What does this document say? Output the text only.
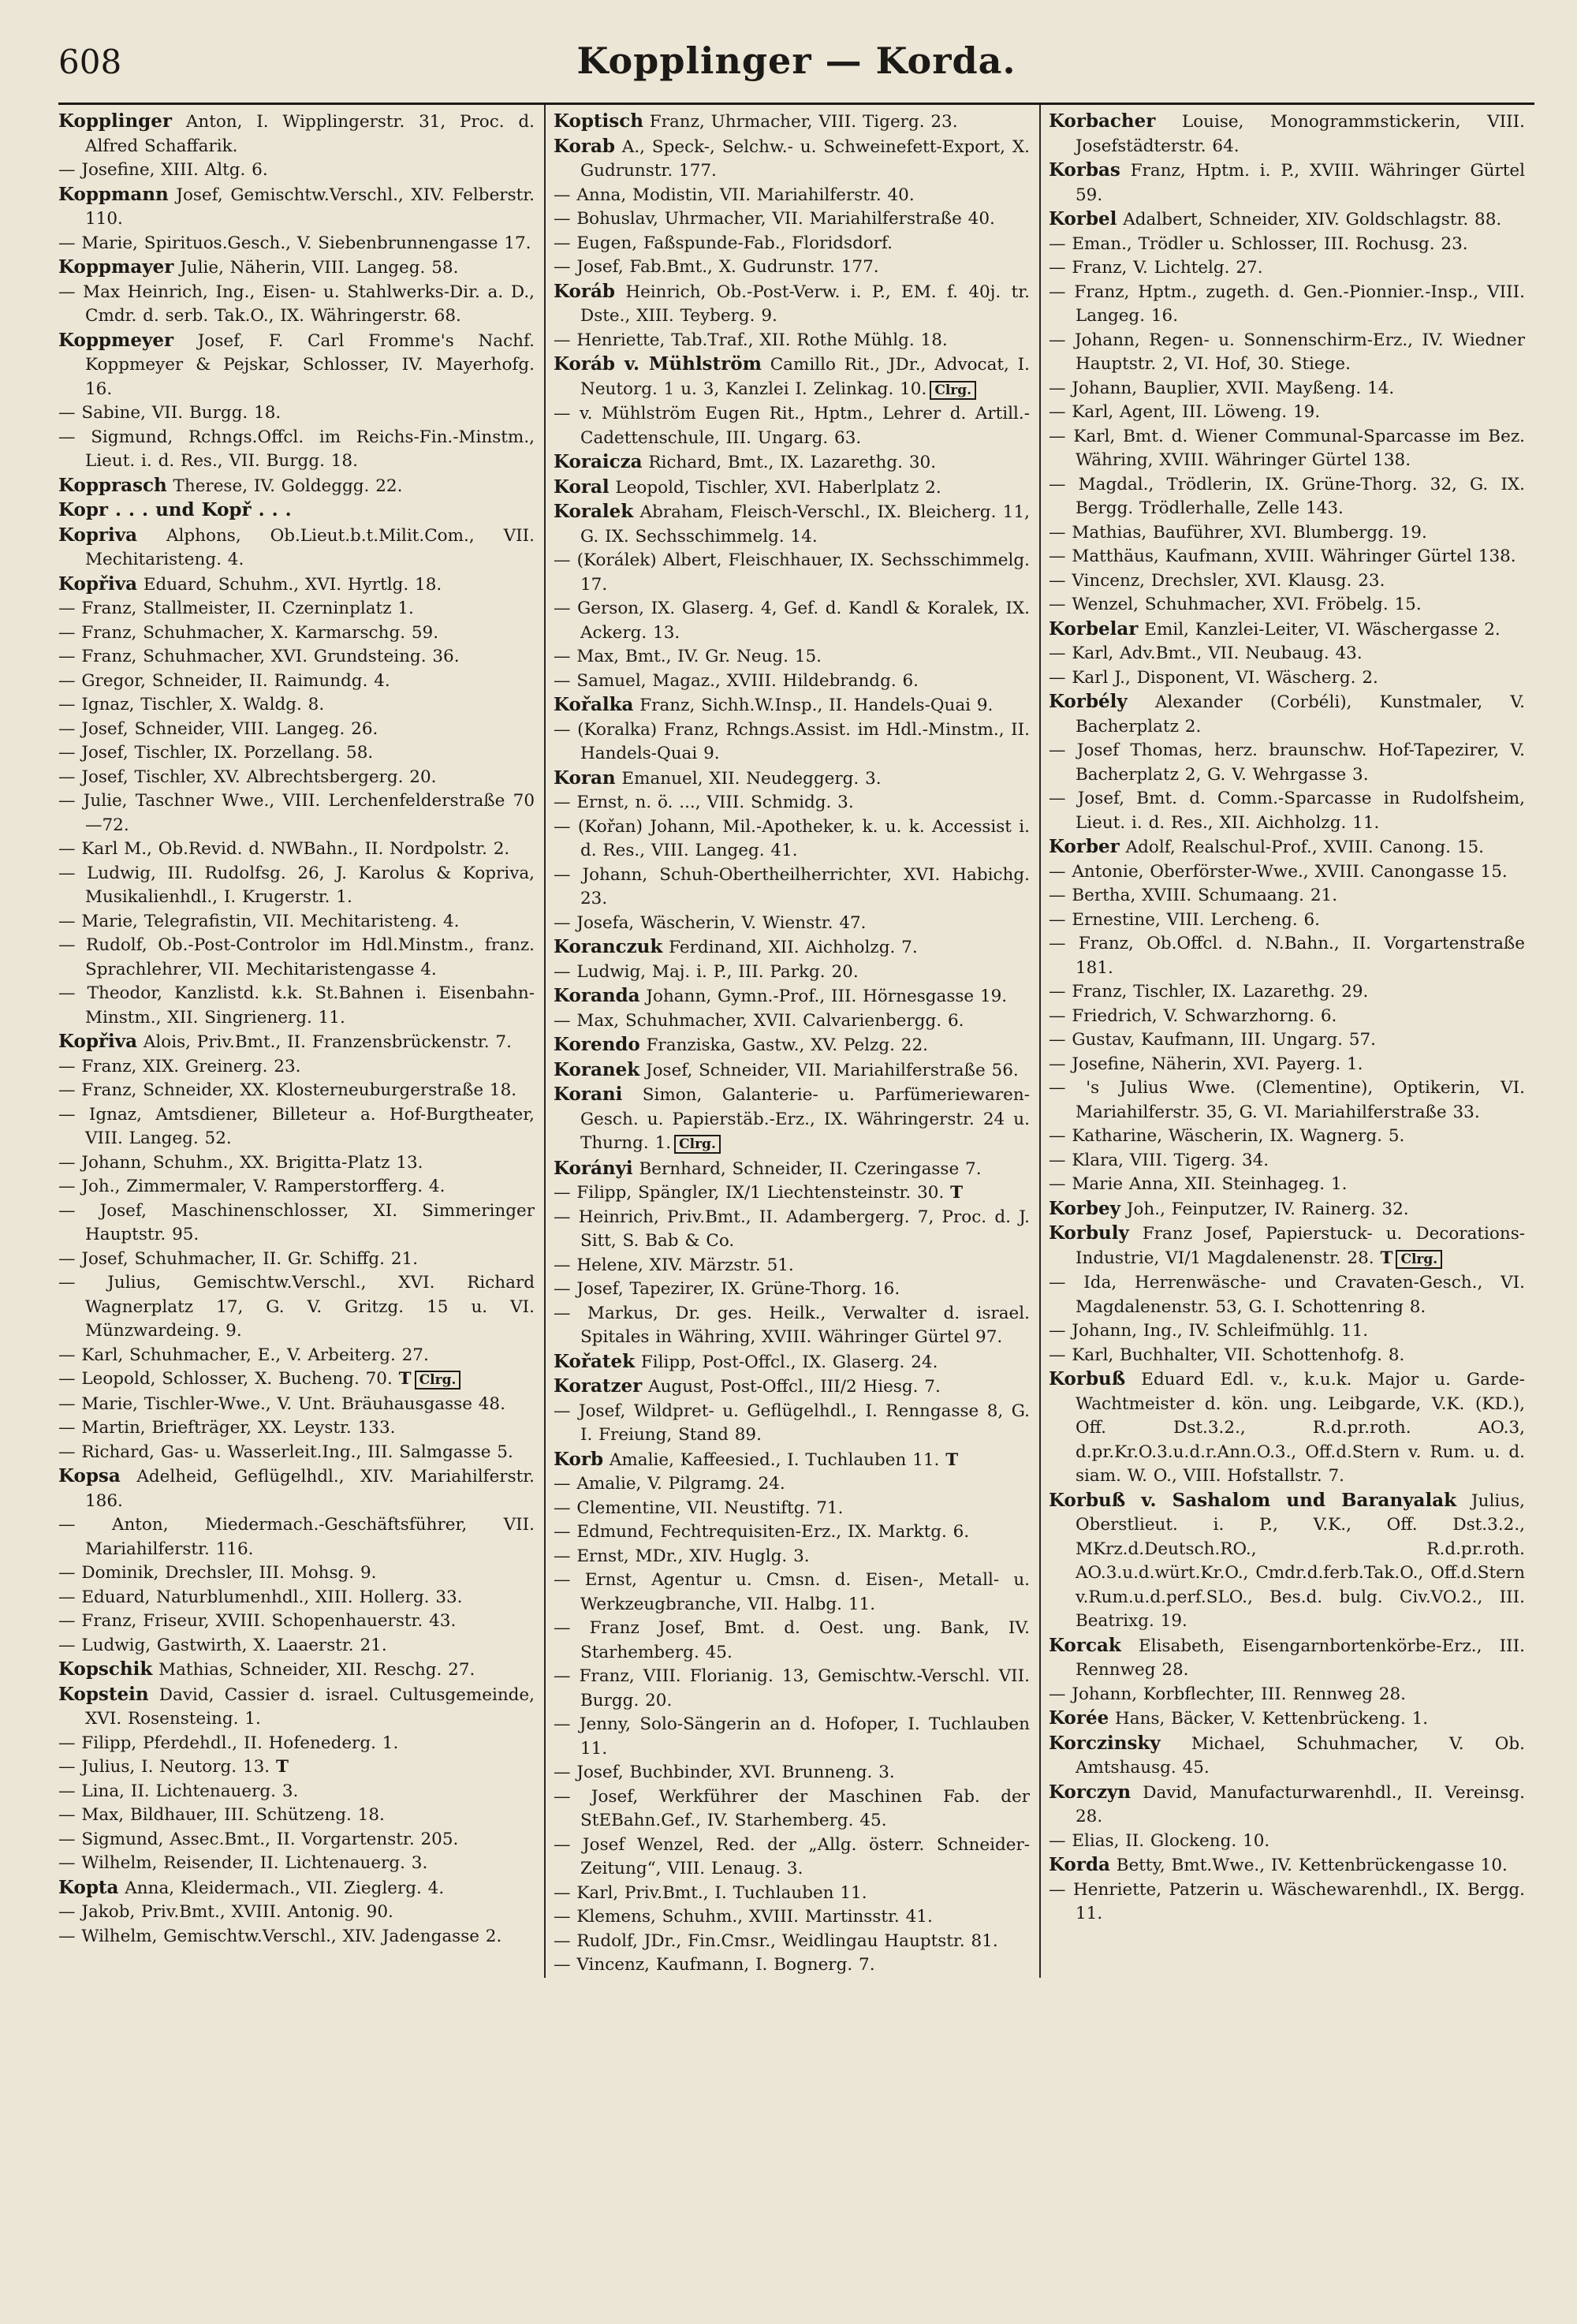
608	Kopplinger — Korda.
Kopplinger Anton, I. Wipplingerstr. 31, Proc. d. Alfred Schaffarik.
— Josefine, XIII. Altg. 6.
Koppmann Josef, Gemischtw.Verschl., XIV. Felberstr. 110.
— Marie, Spirituos.Gesch., V. Siebenbrunnengasse 17.
Koppmayer Julie, Näherin, VIII. Langeg. 58.
— Max Heinrich, Ing., Eisen- u. Stahlwerks-Dir. a. D., Cmdr. d. serb. Tak.O., IX. Währingerstr. 68.
Koppmeyer Josef, F. Carl Fromme's Nachf. Koppmeyer & Pejskar, Schlosser, IV. Mayerhofg. 16.
— Sabine, VII. Burgg. 18.
— Sigmund, Rchngs.Offcl. im Reichs-Fin.-Minstm., Lieut. i. d. Res., VII. Burgg. 18.
Kopprasch Therese, IV. Goldeggg. 22.
Kopr . . . und Kopř . . .
Kopriva Alphons, Ob.Lieut.b.t.Milit.Com., VII. Mechitaristeng. 4.
Kopřiva Eduard, Schuhm., XVI. Hyrtlg. 18.
— Franz, Stallmeister, II. Czerninplatz 1.
— Franz, Schuhmacher, X. Karmarschg. 59.
— Franz, Schuhmacher, XVI. Grundsteing. 36.
— Gregor, Schneider, II. Raimundg. 4.
— Ignaz, Tischler, X. Waldg. 8.
— Josef, Schneider, VIII. Langeg. 26.
— Josef, Tischler, IX. Porzellang. 58.
— Josef, Tischler, XV. Albrechtsbergerg. 20.
— Julie, Taschner Wwe., VIII. Lerchenfelderstraße 70—72.
— Karl M., Ob.Revid. d. NWBahn., II. Nordpolstr. 2.
— Ludwig, III. Rudolfsg. 26, J. Karolus & Kopriva, Musikalienhdl., I. Krugerstr. 1.
— Marie, Telegrafistin, VII. Mechitaristeng. 4.
— Rudolf, Ob.-Post-Controlor im Hdl.Minstm., franz. Sprachlehrer, VII. Mechitaristengasse 4.
— Theodor, Kanzlistd. k.k. St.Bahnen i. Eisenbahn-Minstm., XII. Singrienerg. 11.
Kopřiva Alois, Priv.Bmt., II. Franzensbrückenstr. 7.
— Franz, XIX. Greinerg. 23.
— Franz, Schneider, XX. Klosterneuburgerstraße 18.
— Ignaz, Amtsdiener, Billeteur a. Hof-Burgtheater, VIII. Langeg. 52.
— Johann, Schuhm., XX. Brigitta-Platz 13.
— Joh., Zimmermaler, V. Ramperstorfferg. 4.
— Josef, Maschinenschlosser, XI. Simmeringer Hauptstr. 95.
— Josef, Schuhmacher, II. Gr. Schiffg. 21.
— Julius, Gemischtw.Verschl., XVI. Richard Wagnerplatz 17, G. V. Gritzg. 15 u. VI. Münzwardeing. 9.
— Karl, Schuhmacher, E., V. Arbeiterg. 27.
— Leopold, Schlosser, X. Bucheng. 70. T Clrg.
— Marie, Tischler-Wwe., V. Unt. Bräuhausgasse 48.
— Martin, Briefträger, XX. Leystr. 133.
— Richard, Gas- u. Wasserleit.Ing., III. Salmgasse 5.
Kopsa Adelheid, Geflügelhdl., XIV. Mariahilferstr. 186.
— Anton, Miedermach.-Geschäftsführer, VII. Mariahilferstr. 116.
— Dominik, Drechsler, III. Mohsg. 9.
— Eduard, Naturblumenhdl., XIII. Hollerg. 33.
— Franz, Friseur, XVIII. Schopenhauerstr. 43.
— Ludwig, Gastwirth, X. Laaerstr. 21.
Kopschik Mathias, Schneider, XII. Reschg. 27.
Kopstein David, Cassier d. israel. Cultusgemeinde, XVI. Rosensteing. 1.
— Filipp, Pferdehdl., II. Hofenederg. 1.
— Julius, I. Neutorg. 13. T
— Lina, II. Lichtenauerg. 3.
— Max, Bildhauer, III. Schützeng. 18.
— Sigmund, Assec.Bmt., II. Vorgartenstr. 205.
— Wilhelm, Reisender, II. Lichtenauerg. 3.
Kopta Anna, Kleidermach., VII. Zieglerg. 4.
— Jakob, Priv.Bmt., XVIII. Antonig. 90.
— Wilhelm, Gemischtw.Verschl., XIV. Jadengasse 2.
Koptisch Franz, Uhrmacher, VIII. Tigerg. 23.
Korab A., Speck-, Selchw.- u. Schweinefett-Export, X. Gudrunstr. 177.
— Anna, Modistin, VII. Mariahilferstr. 40.
— Bohuslav, Uhrmacher, VII. Mariahilferstraße 40.
— Eugen, Faßspunde-Fab., Floridsdorf.
— Josef, Fab.Bmt., X. Gudrunstr. 177.
Koráb Heinrich, Ob.-Post-Verw. i. P., EM. f. 40j. tr. Dste., XIII. Teyberg. 9.
— Henriette, Tab.Traf., XII. Rothe Mühlg. 18.
Koráb v. Mühlström Camillo Rit., JDr., Advocat, I. Neutorg. 1 u. 3, Kanzlei I. Zelinkag. 10. Clrg.
— v. Mühlström Eugen Rit., Hptm., Lehrer d. Artill.-Cadettenschule, III. Ungarg. 63.
Koraicza Richard, Bmt., IX. Lazarethg. 30.
Koral Leopold, Tischler, XVI. Haberlplatz 2.
Koralek Abraham, Fleisch-Verschl., IX. Bleicherg. 11, G. IX. Sechsschimmelg. 14.
— (Korálek) Albert, Fleischhauer, IX. Sechsschimmelg. 17.
— Gerson, IX. Glaserg. 4, Gef. d. Kandl & Koralek, IX. Ackerg. 13.
— Max, Bmt., IV. Gr. Neug. 15.
— Samuel, Magaz., XVIII. Hildebrandg. 6.
Kořalka Franz, Sichh.W.Insp., II. Handels-Quai 9.
— (Koralka) Franz, Rchngs.Assist. im Hdl.-Minstm., II. Handels-Quai 9.
Koran Emanuel, XII. Neudeggerg. 3.
— Ernst, n. ö. ..., VIII. Schmidg. 3.
— (Kořan) Johann, Mil.-Apotheker, k. u. k. Accessist i. d. Res., VIII. Langeg. 41.
— Johann, Schuh-Obertheilherrichter, XVI. Habichg. 23.
— Josefa, Wäscherin, V. Wienstr. 47.
Koranczuk Ferdinand, XII. Aichholzg. 7.
— Ludwig, Maj. i. P., III. Parkg. 20.
Koranda Johann, Gymn.-Prof., III. Hörnesgasse 19.
— Max, Schuhmacher, XVII. Calvarienbergg. 6.
Korendo Franziska, Gastw., XV. Pelzg. 22.
Koranek Josef, Schneider, VII. Mariahilferstraße 56.
Korani Simon, Galanterie- u. Parfümeriewaren-Gesch. u. Papierstäb.-Erz., IX. Währingerstr. 24 u. Thurng. 1. Clrg.
Korányi Bernhard, Schneider, II. Czeringasse 7.
— Filipp, Spängler, IX/1 Liechtensteinstr. 30. T
— Heinrich, Priv.Bmt., II. Adambergerg. 7, Proc. d. J. Sitt, S. Bab & Co.
— Helene, XIV. Märzstr. 51.
— Josef, Tapezirer, IX. Grüne-Thorg. 16.
— Markus, Dr. ges. Heilk., Verwalter d. israel. Spitales in Währing, XVIII. Währinger Gürtel 97.
Kořatek Filipp, Post-Offcl., IX. Glaserg. 24.
Koratzer August, Post-Offcl., III/2 Hiesg. 7.
— Josef, Wildpret- u. Geflügelhdl., I. Renngasse 8, G. I. Freiung, Stand 89.
Korb Amalie, Kaffeesied., I. Tuchlauben 11. T
— Amalie, V. Pilgramg. 24.
— Clementine, VII. Neustiftg. 71.
— Edmund, Fechtrequisiten-Erz., IX. Marktg. 6.
— Ernst, MDr., XIV. Huglg. 3.
— Ernst, Agentur u. Cmsn. d. Eisen-, Metall- u. Werkzeugbranche, VII. Halbg. 11.
— Franz Josef, Bmt. d. Oest. ung. Bank, IV. Starhemberg. 45.
— Franz, VIII. Florianig. 13, Gemischtw.-Verschl. VII. Burgg. 20.
— Jenny, Solo-Sängerin an d. Hofoper, I. Tuchlauben 11.
— Josef, Buchbinder, XVI. Brunneng. 3.
— Josef, Werkführer der Maschinen Fab. der StEBahn.Gef., IV. Starhemberg. 45.
— Josef Wenzel, Red. der „Allg. österr. Schneider-Zeitung“, VIII. Lenaug. 3.
— Karl, Priv.Bmt., I. Tuchlauben 11.
— Klemens, Schuhm., XVIII. Martinsstr. 41.
— Rudolf, JDr., Fin.Cmsr., Weidlingau Hauptstr. 81.
— Vincenz, Kaufmann, I. Bognerg. 7.
Korbacher Louise, Monogrammstickerin, VIII. Josefstädterstr. 64.
Korbas Franz, Hptm. i. P., XVIII. Währinger Gürtel 59.
Korbel Adalbert, Schneider, XIV. Goldschlagstr. 88.
— Eman., Trödler u. Schlosser, III. Rochusg. 23.
— Franz, V. Lichtelg. 27.
— Franz, Hptm., zugeth. d. Gen.-Pionnier.-Insp., VIII. Langeg. 16.
— Johann, Regen- u. Sonnenschirm-Erz., IV. Wiedner Hauptstr. 2, VI. Hof, 30. Stiege.
— Johann, Bauplier, XVII. Mayßeng. 14.
— Karl, Agent, III. Löweng. 19.
— Karl, Bmt. d. Wiener Communal-Sparcasse im Bez. Währing, XVIII. Währinger Gürtel 138.
— Magdal., Trödlerin, IX. Grüne-Thorg. 32, G. IX. Bergg. Trödlerhalle, Zelle 143.
— Mathias, Bauführer, XVI. Blumbergg. 19.
— Matthäus, Kaufmann, XVIII. Währinger Gürtel 138.
— Vincenz, Drechsler, XVI. Klausg. 23.
— Wenzel, Schuhmacher, XVI. Fröbelg. 15.
Korbelar Emil, Kanzlei-Leiter, VI. Wäschergasse 2.
— Karl, Adv.Bmt., VII. Neubaug. 43.
— Karl J., Disponent, VI. Wäscherg. 2.
Korbély Alexander (Corbéli), Kunstmaler, V. Bacherplatz 2.
— Josef Thomas, herz. braunschw. Hof-Tapezirer, V. Bacherplatz 2, G. V. Wehrgasse 3.
— Josef, Bmt. d. Comm.-Sparcasse in Rudolfsheim, Lieut. i. d. Res., XII. Aichholzg. 11.
Korber Adolf, Realschul-Prof., XVIII. Canong. 15.
— Antonie, Oberförster-Wwe., XVIII. Canongasse 15.
— Bertha, XVIII. Schumaang. 21.
— Ernestine, VIII. Lercheng. 6.
— Franz, Ob.Offcl. d. N.Bahn., II. Vorgartenstraße 181.
— Franz, Tischler, IX. Lazarethg. 29.
— Friedrich, V. Schwarzhorng. 6.
— Gustav, Kaufmann, III. Ungarg. 57.
— Josefine, Näherin, XVI. Payerg. 1.
— 's Julius Wwe. (Clementine), Optikerin, VI. Mariahilferstr. 35, G. VI. Mariahilferstraße 33.
— Katharine, Wäscherin, IX. Wagnerg. 5.
— Klara, VIII. Tigerg. 34.
— Marie Anna, XII. Steinhageg. 1.
Korbey Joh., Feinputzer, IV. Rainerg. 32.
Korbuly Franz Josef, Papierstuck- u. Decorations-Industrie, VI/1 Magdalenenstr. 28. T Clrg.
— Ida, Herrenwäsche- und Cravaten-Gesch., VI. Magdalenenstr. 53, G. I. Schottenring 8.
— Johann, Ing., IV. Schleifmühlg. 11.
— Karl, Buchhalter, VII. Schottenhofg. 8.
Korbuß Eduard Edl. v., k.u.k. Major u. Garde-Wachtmeister d. kön. ung. Leibgarde, V.K. (KD.), Off. Dst.3.2., R.d.pr.roth. AO.3, d.pr.Kr.O.3.u.d.r.Ann.O.3., Off.d.Stern v. Rum. u. d. siam. W. O., VIII. Hofstallstr. 7.
Korbuß v. Sashalom und Baranyalak Julius, Oberstlieut. i. P., V.K., Off. Dst.3.2., MKrz.d.Deutsch.RO., R.d.pr.roth. AO.3.u.d.würt.Kr.O., Cmdr.d.ferb.Tak.O., Off.d.Stern v.Rum.u.d.perf.SLO., Bes.d. bulg. Civ.VO.2., III. Beatrixg. 19.
Korcak Elisabeth, Eisengarnbortenkörbe-Erz., III. Rennweg 28.
— Johann, Korbflechter, III. Rennweg 28.
Korée Hans, Bäcker, V. Kettenbrückeng. 1.
Korczinsky Michael, Schuhmacher, V. Ob. Amtshausg. 45.
Korczyn David, Manufacturwarenhdl., II. Vereinsg. 28.
— Elias, II. Glockeng. 10.
Korda Betty, Bmt.Wwe., IV. Kettenbrückengasse 10.
— Henriette, Patzerin u. Wäschewarenhdl., IX. Bergg. 11.
